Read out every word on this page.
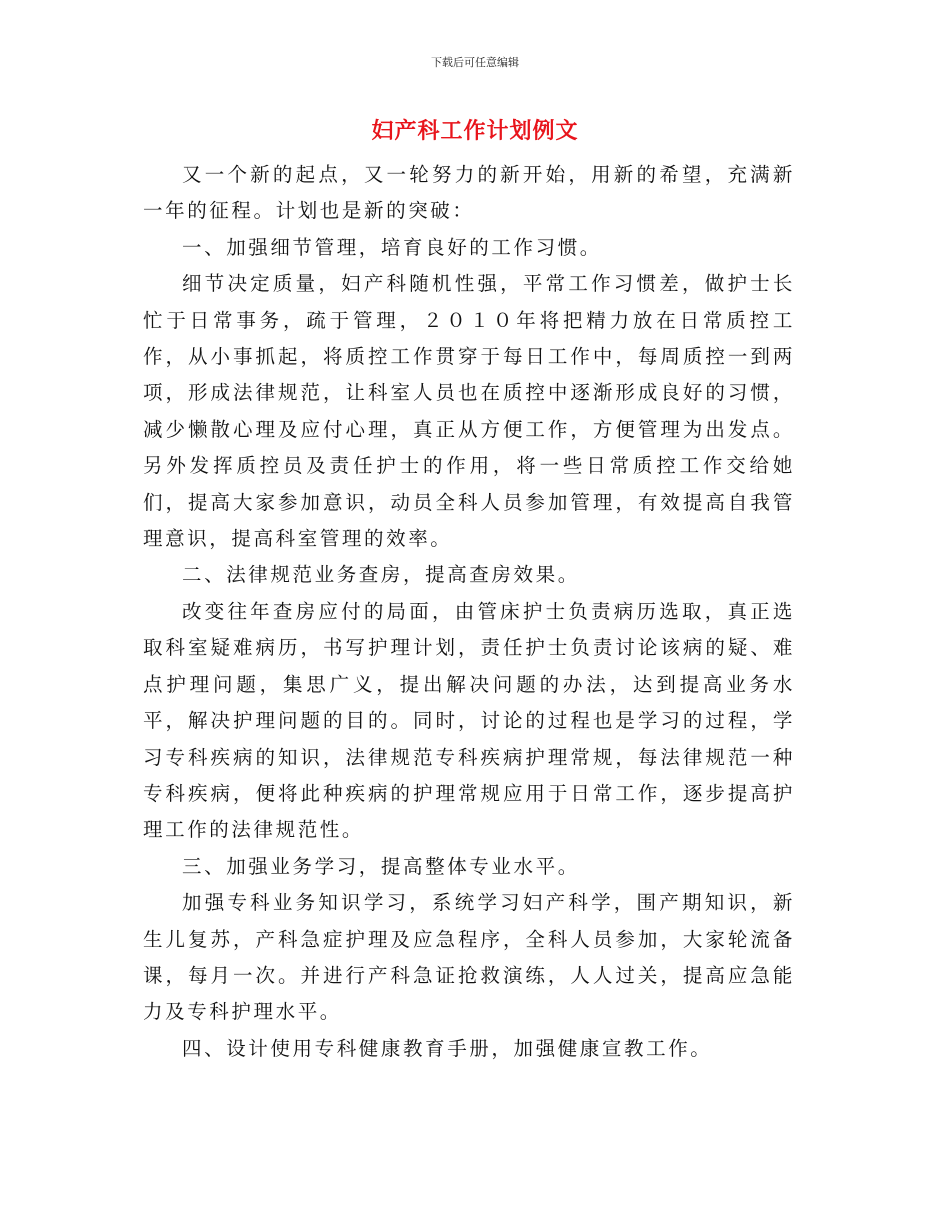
下载后可任意编辑
妇产科工作计划例文

又一个新的起点，又一轮努力的新开始，用新的希望，充满新一年的征程。计划也是新的突破：

一、加强细节管理，培育良好的工作习惯。

细节决定质量，妇产科随机性强，平常工作习惯差，做护士长忙于日常事务，疏于管理，２０１０年将把精力放在日常质控工作，从小事抓起，将质控工作贯穿于每日工作中，每周质控一到两项，形成法律规范，让科室人员也在质控中逐渐形成良好的习惯，减少懒散心理及应付心理，真正从方便工作，方便管理为出发点。另外发挥质控员及责任护士的作用，将一些日常质控工作交给她们，提高大家参加意识，动员全科人员参加管理，有效提高自我管理意识，提高科室管理的效率。

二、法律规范业务查房，提高查房效果。

改变往年查房应付的局面，由管床护士负责病历选取，真正选取科室疑难病历，书写护理计划，责任护士负责讨论该病的疑、难点护理问题，集思广义，提出解决问题的办法，达到提高业务水平，解决护理问题的目的。同时，讨论的过程也是学习的过程，学习专科疾病的知识，法律规范专科疾病护理常规，每法律规范一种专科疾病，便将此种疾病的护理常规应用于日常工作，逐步提高护理工作的法律规范性。

三、加强业务学习，提高整体专业水平。

加强专科业务知识学习，系统学习妇产科学，围产期知识，新生儿复苏，产科急症护理及应急程序，全科人员参加，大家轮流备课，每月一次。并进行产科急证抢救演练，人人过关，提高应急能力及专科护理水平。

四、设计使用专科健康教育手册，加强健康宣教工作。
